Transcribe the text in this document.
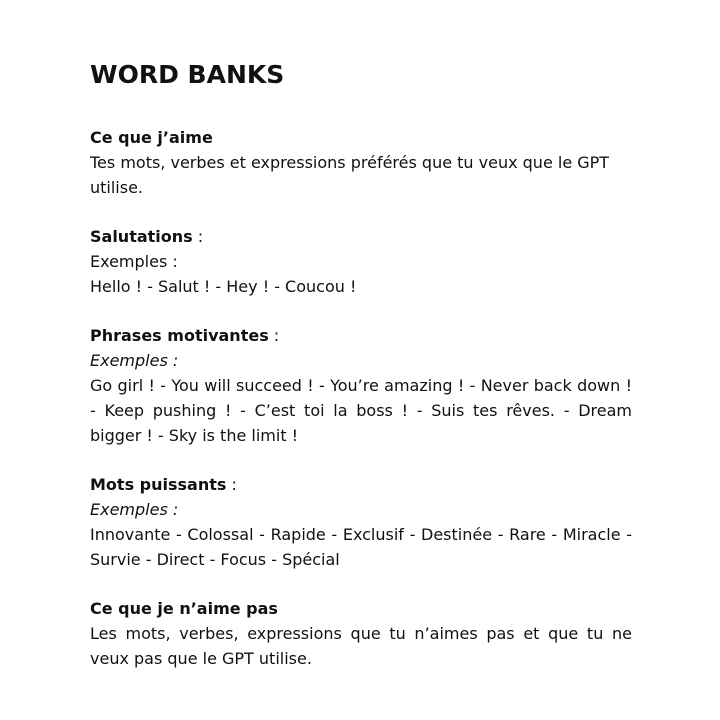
WORD BANKS
Ce que j’aime
Tes mots, verbes et expressions préférés que tu veux que le GPT utilise.
Salutations :
Exemples :
Hello ! - Salut ! - Hey ! - Coucou !
Phrases motivantes :
Exemples :
Go girl ! - You will succeed ! - You’re amazing ! - Never back down ! - Keep pushing ! - C’est toi la boss ! - Suis tes rêves. - Dream bigger ! - Sky is the limit !
Mots puissants :
Exemples :
Innovante - Colossal - Rapide - Exclusif - Destinée - Rare - Miracle - Survie - Direct - Focus - Spécial
Ce que je n’aime pas
Les mots, verbes, expressions que tu n’aimes pas et que tu ne veux pas que le GPT utilise.
